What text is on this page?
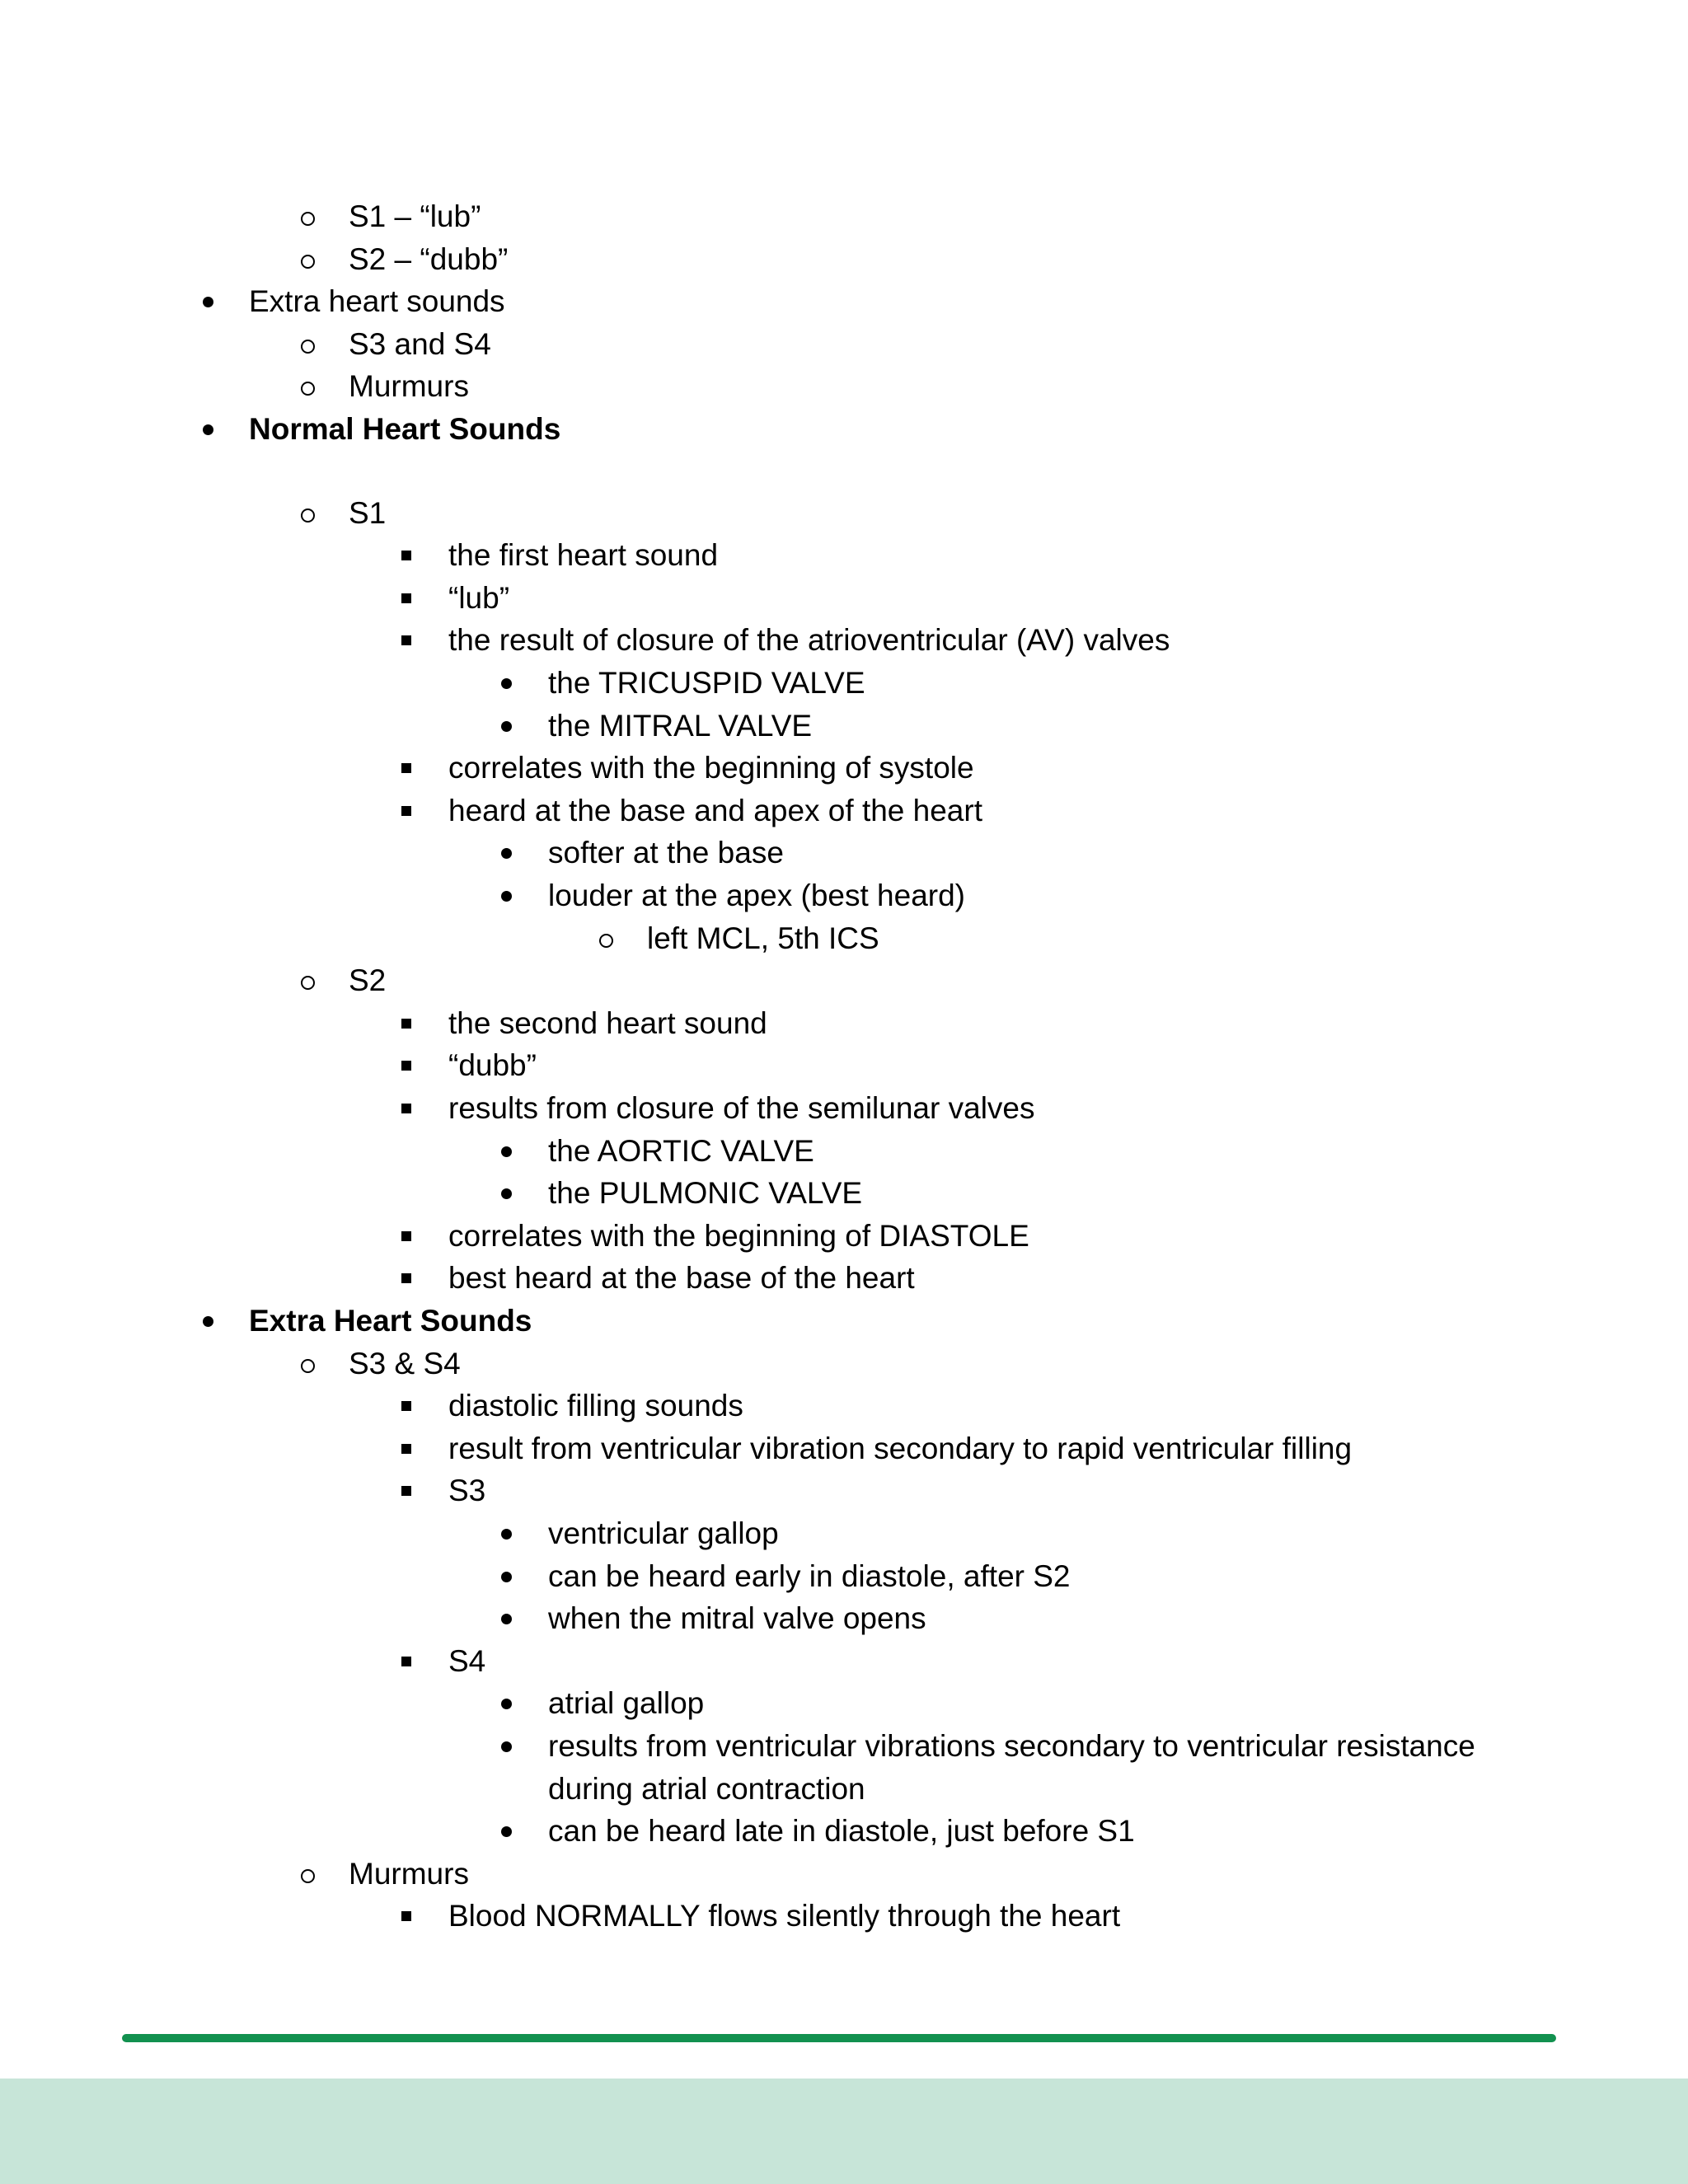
S1 – “lub”
S2 – “dubb”
Extra heart sounds
S3 and S4
Murmurs
Normal Heart Sounds
S1
the first heart sound
“lub”
the result of closure of the atrioventricular (AV) valves
the TRICUSPID VALVE
the MITRAL VALVE
correlates with the beginning of systole
heard at the base and apex of the heart
softer at the base
louder at the apex (best heard)
left MCL, 5th ICS
S2
the second heart sound
“dubb”
results from closure of the semilunar valves
the AORTIC VALVE
the PULMONIC VALVE
correlates with the beginning of DIASTOLE
best heard at the base of the heart
Extra Heart Sounds
S3 & S4
diastolic filling sounds
result from ventricular vibration secondary to rapid ventricular filling
S3
ventricular gallop
can be heard early in diastole, after S2
when the mitral valve opens
S4
atrial gallop
results from ventricular vibrations secondary to ventricular resistance
during atrial contraction
can be heard late in diastole, just before S1
Murmurs
Blood NORMALLY flows silently through the heart
